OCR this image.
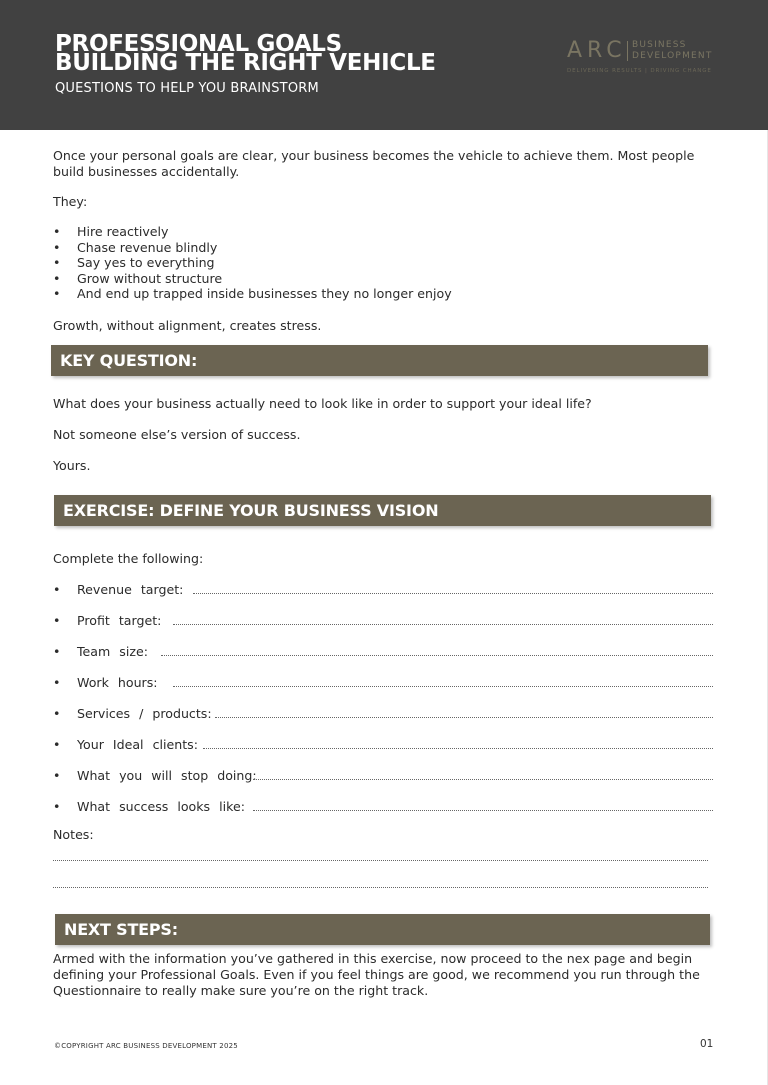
PROFESSIONAL GOALS
BUILDING THE RIGHT VEHICLE
QUESTIONS TO HELP YOU BRAINSTORM
ARC BUSINESS
DEVELOPMENT
DELIVERING RESULTS | DRIVING CHANGE
Once your personal goals are clear, your business becomes the vehicle to achieve them. Most people build businesses accidentally.
They:
• Hire reactively
• Chase revenue blindly
• Say yes to everything
• Grow without structure
• And end up trapped inside businesses they no longer enjoy
Growth, without alignment, creates stress.
KEY QUESTION:
What does your business actually need to look like in order to support your ideal life?
Not someone else’s version of success.
Yours.
EXERCISE: DEFINE YOUR BUSINESS VISION
Complete the following:
• Revenue target:
• Profit target:
• Team size:
• Work hours:
• Services / products:
• Your Ideal clients:
• What you will stop doing:
• What success looks like:
Notes:
NEXT STEPS:
Armed with the information you’ve gathered in this exercise, now proceed to the nex page and begin defining your Professional Goals. Even if you feel things are good, we recommend you run through the Questionnaire to really make sure you’re on the right track.
©COPYRIGHT ARC BUSINESS DEVELOPMENT 2025	01
